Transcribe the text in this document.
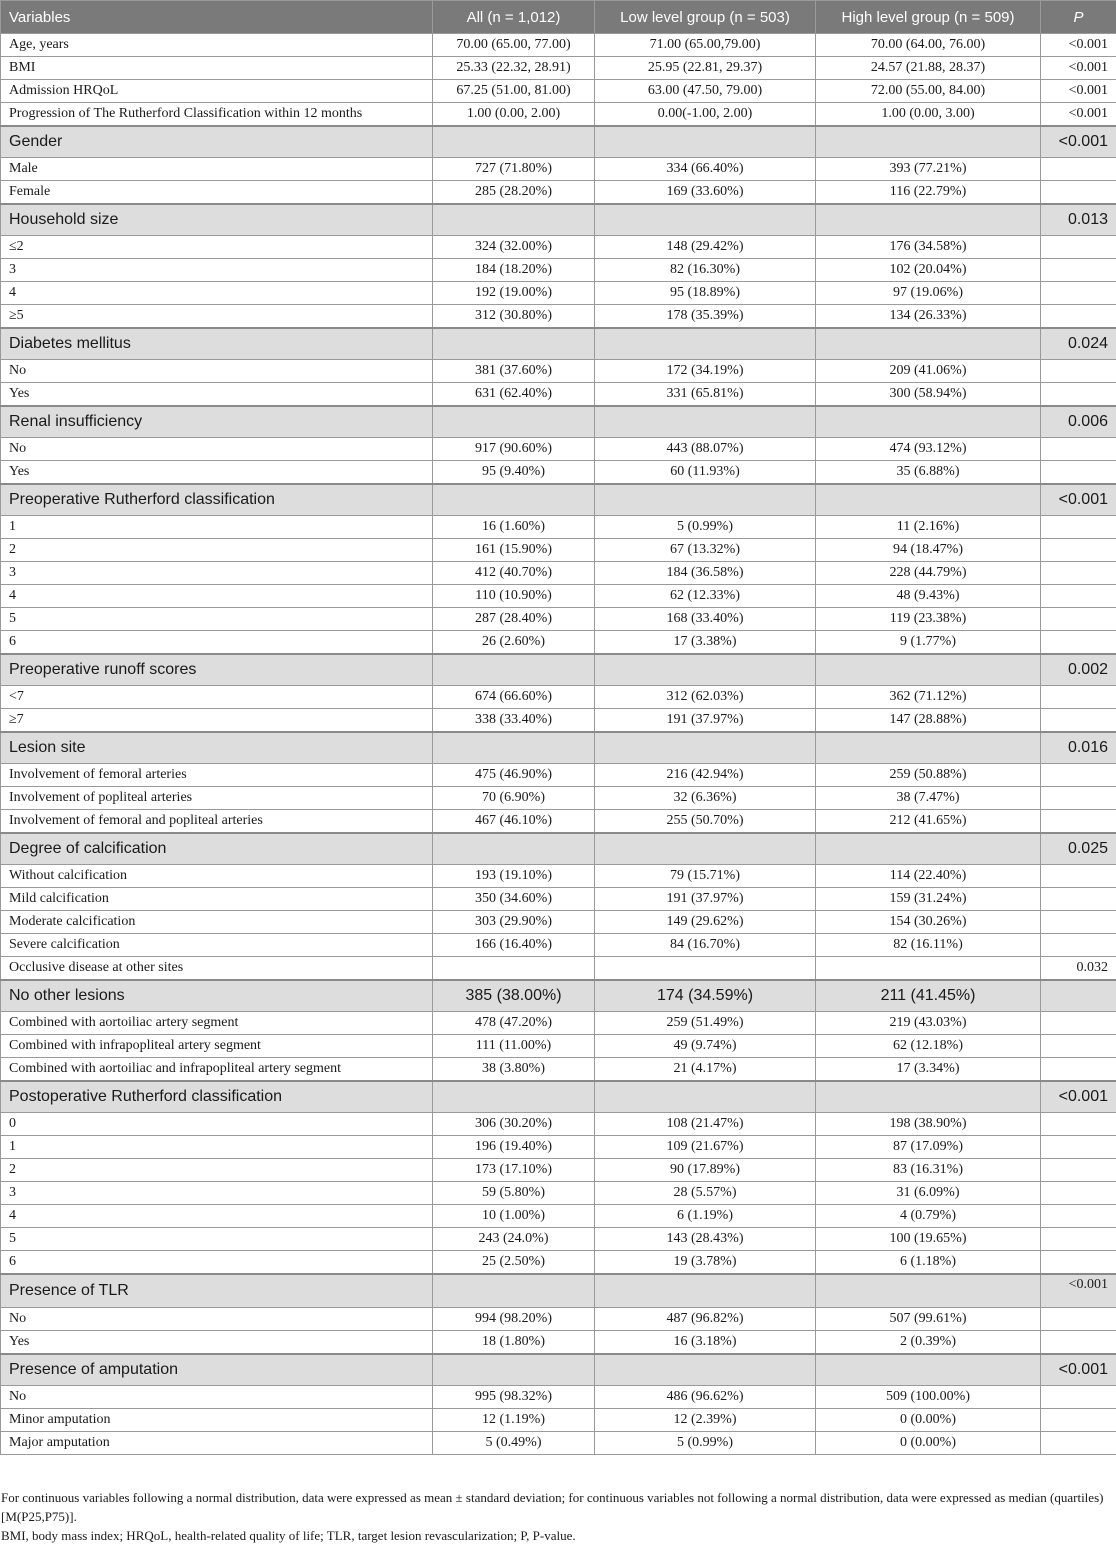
Variables	All (n = 1,012)	Low level group (n = 503)	High level group (n = 509)	P
Age, years	70.00 (65.00, 77.00)	71.00 (65.00,79.00)	70.00 (64.00, 76.00)	<0.001
BMI	25.33 (22.32, 28.91)	25.95 (22.81, 29.37)	24.57 (21.88, 28.37)	<0.001
Admission HRQoL	67.25 (51.00, 81.00)	63.00 (47.50, 79.00)	72.00 (55.00, 84.00)	<0.001
Progression of The Rutherford Classification within 12 months	1.00 (0.00, 2.00)	0.00(-1.00, 2.00)	1.00 (0.00, 3.00)	<0.001
Gender				<0.001
Male	727 (71.80%)	334 (66.40%)	393 (77.21%)	
Female	285 (28.20%)	169 (33.60%)	116 (22.79%)	
Household size				0.013
≤2	324 (32.00%)	148 (29.42%)	176 (34.58%)	
3	184 (18.20%)	82 (16.30%)	102 (20.04%)	
4	192 (19.00%)	95 (18.89%)	97 (19.06%)	
≥5	312 (30.80%)	178 (35.39%)	134 (26.33%)	
Diabetes mellitus				0.024
No	381 (37.60%)	172 (34.19%)	209 (41.06%)	
Yes	631 (62.40%)	331 (65.81%)	300 (58.94%)	
Renal insufficiency				0.006
No	917 (90.60%)	443 (88.07%)	474 (93.12%)	
Yes	95 (9.40%)	60 (11.93%)	35 (6.88%)	
Preoperative Rutherford classification				<0.001
1	16 (1.60%)	5 (0.99%)	11 (2.16%)	
2	161 (15.90%)	67 (13.32%)	94 (18.47%)	
3	412 (40.70%)	184 (36.58%)	228 (44.79%)	
4	110 (10.90%)	62 (12.33%)	48 (9.43%)	
5	287 (28.40%)	168 (33.40%)	119 (23.38%)	
6	26 (2.60%)	17 (3.38%)	9 (1.77%)	
Preoperative runoff scores				0.002
<7	674 (66.60%)	312 (62.03%)	362 (71.12%)	
≥7	338 (33.40%)	191 (37.97%)	147 (28.88%)	
Lesion site				0.016
Involvement of femoral arteries	475 (46.90%)	216 (42.94%)	259 (50.88%)	
Involvement of popliteal arteries	70 (6.90%)	32 (6.36%)	38 (7.47%)	
Involvement of femoral and popliteal arteries	467 (46.10%)	255 (50.70%)	212 (41.65%)	
Degree of calcification				0.025
Without calcification	193 (19.10%)	79 (15.71%)	114 (22.40%)	
Mild calcification	350 (34.60%)	191 (37.97%)	159 (31.24%)	
Moderate calcification	303 (29.90%)	149 (29.62%)	154 (30.26%)	
Severe calcification	166 (16.40%)	84 (16.70%)	82 (16.11%)	
Occlusive disease at other sites				0.032
No other lesions	385 (38.00%)	174 (34.59%)	211 (41.45%)	
Combined with aortoiliac artery segment	478 (47.20%)	259 (51.49%)	219 (43.03%)	
Combined with infrapopliteal artery segment	111 (11.00%)	49 (9.74%)	62 (12.18%)	
Combined with aortoiliac and infrapopliteal artery segment	38 (3.80%)	21 (4.17%)	17 (3.34%)	
Postoperative Rutherford classification				<0.001
0	306 (30.20%)	108 (21.47%)	198 (38.90%)	
1	196 (19.40%)	109 (21.67%)	87 (17.09%)	
2	173 (17.10%)	90 (17.89%)	83 (16.31%)	
3	59 (5.80%)	28 (5.57%)	31 (6.09%)	
4	10 (1.00%)	6 (1.19%)	4 (0.79%)	
5	243 (24.0%)	143 (28.43%)	100 (19.65%)	
6	25 (2.50%)	19 (3.78%)	6 (1.18%)	
Presence of TLR				<0.001
No	994 (98.20%)	487 (96.82%)	507 (99.61%)	
Yes	18 (1.80%)	16 (3.18%)	2 (0.39%)	
Presence of amputation				<0.001
No	995 (98.32%)	486 (96.62%)	509 (100.00%)	
Minor amputation	12 (1.19%)	12 (2.39%)	0 (0.00%)	
Major amputation	5 (0.49%)	5 (0.99%)	0 (0.00%)	

For continuous variables following a normal distribution, data were expressed as mean ± standard deviation; for continuous variables not following a normal distribution, data were expressed as median (quartiles) [M(P25,P75)].

BMI, body mass index; HRQoL, health-related quality of life; TLR, target lesion revascularization; P, P-value.
